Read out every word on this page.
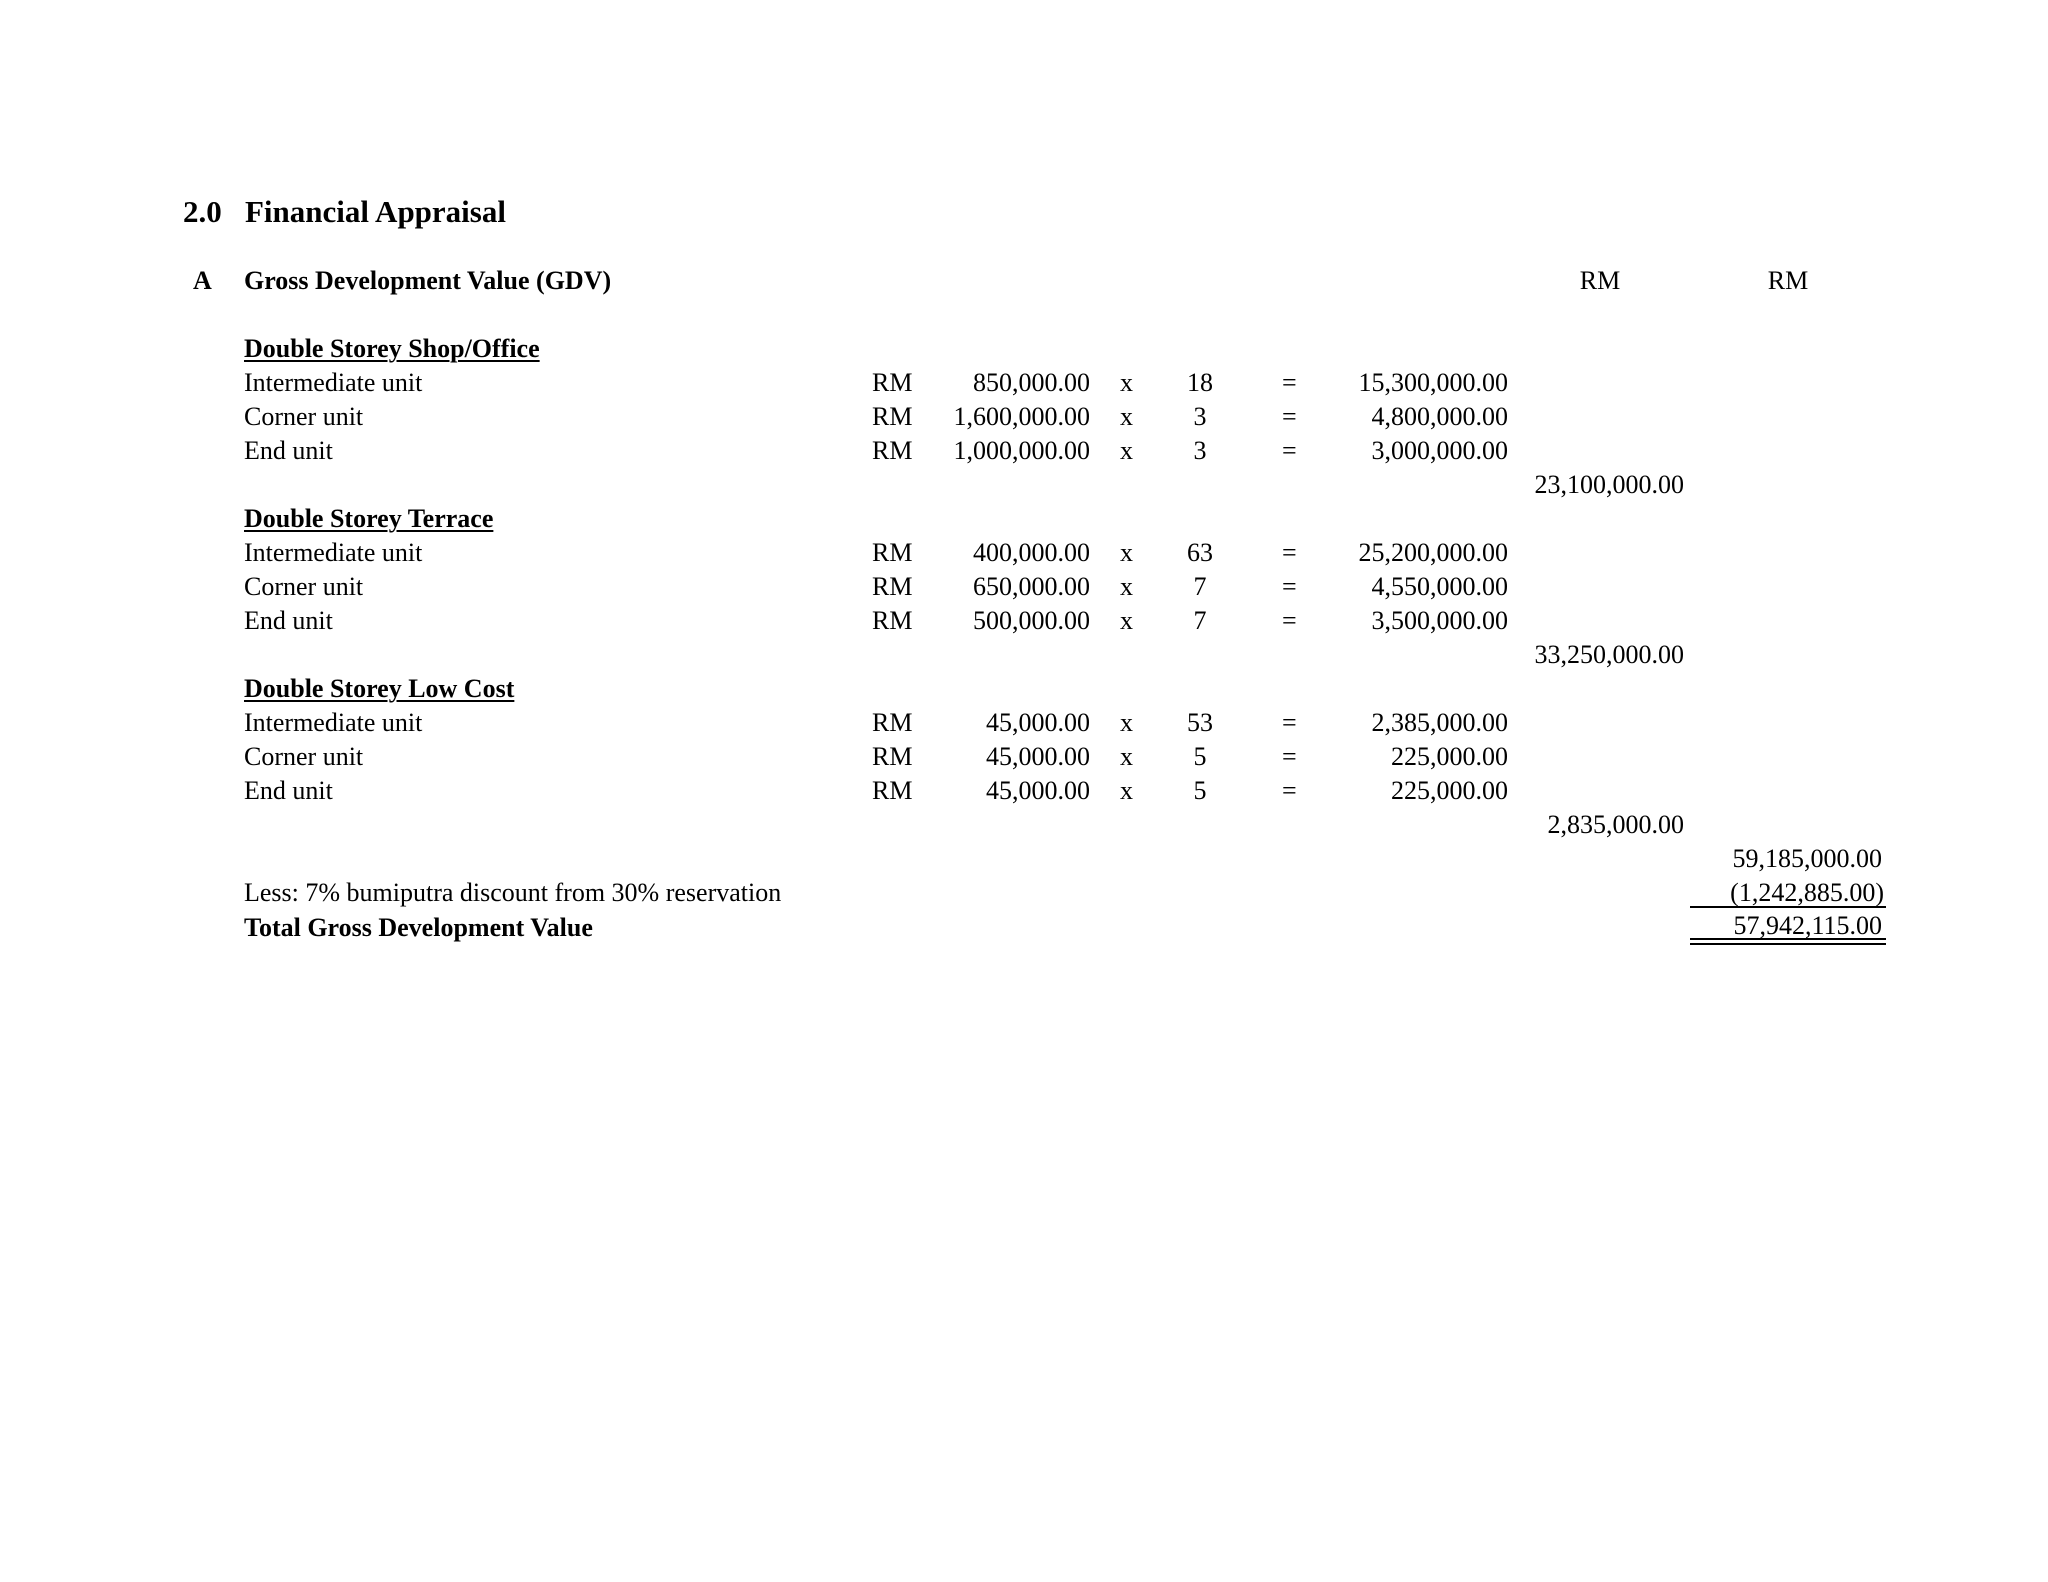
2.0 Financial Appraisal
A Gross Development Value (GDV)	RM	RM
Double Storey Shop/Office
Intermediate unit	RM	850,000.00 x	18	=	15,300,000.00
Corner unit	RM	1,600,000.00 x	3	=	4,800,000.00
End unit	RM	1,000,000.00 x	3	=	3,000,000.00
23,100,000.00
Double Storey Terrace
Intermediate unit	RM	400,000.00 x	63	=	25,200,000.00
Corner unit	RM	650,000.00 x	7	=	4,550,000.00
End unit	RM	500,000.00 x	7	=	3,500,000.00
33,250,000.00
Double Storey Low Cost
Intermediate unit	RM	45,000.00 x	53	=	2,385,000.00
Corner unit	RM	45,000.00 x	5	=	225,000.00
End unit	RM	45,000.00 x	5	=	225,000.00
2,835,000.00
59,185,000.00
Less: 7% bumiputra discount from 30% reservation	(1,242,885.00)
Total Gross Development Value	57,942,115.00
